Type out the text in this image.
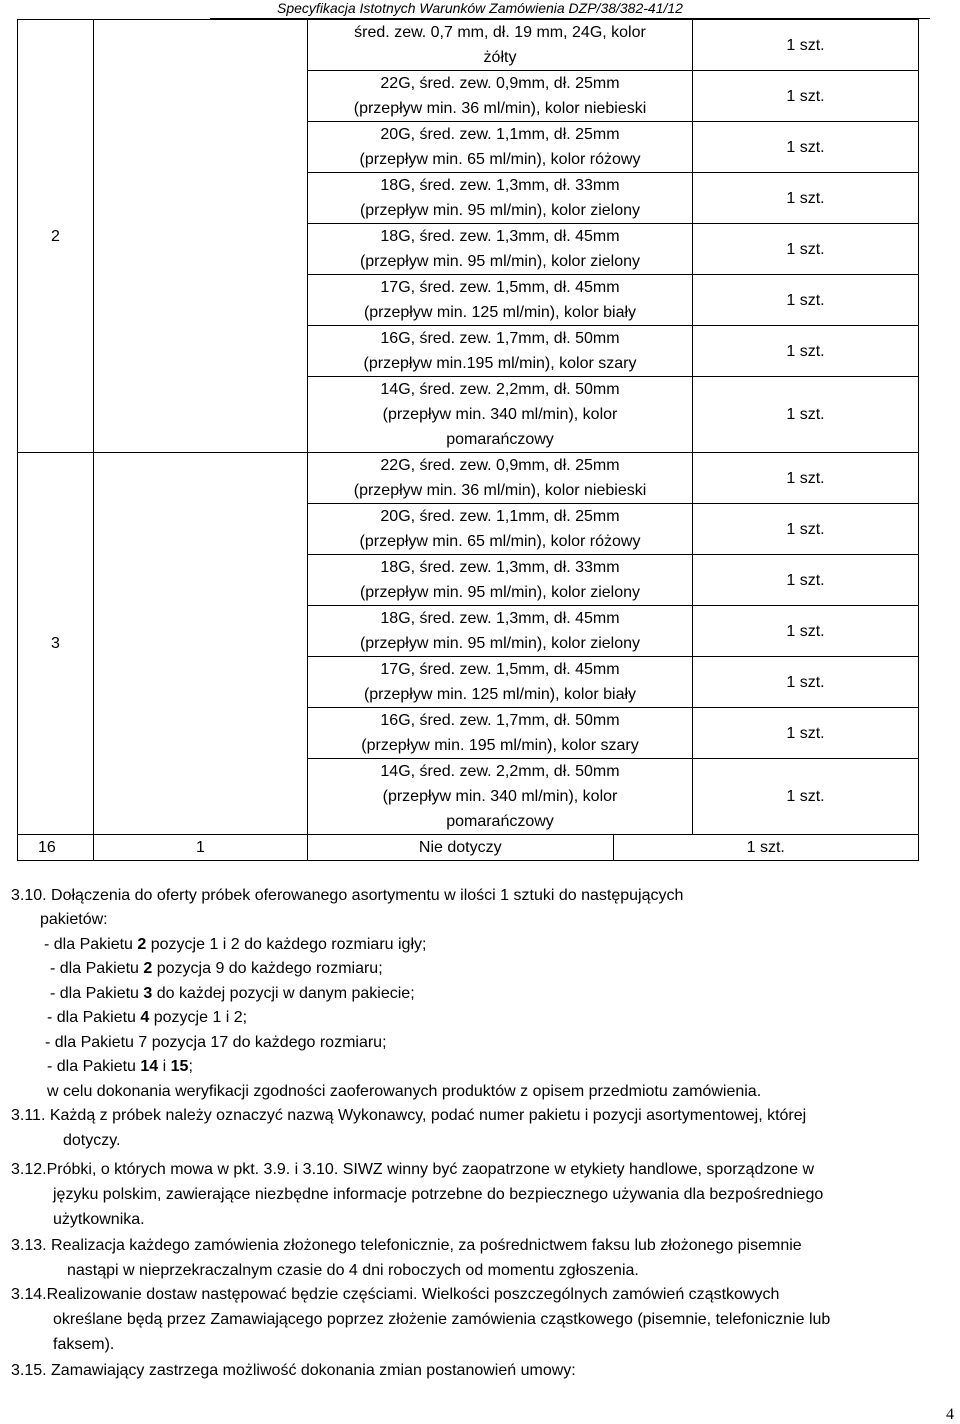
Specyfikacja Istotnych Warunków Zamówienia DZP/38/382-41/12
2		
śred. zew. 0,7 mm, dł. 19 mm, 24G, kolor
żółty
	1 szt.

22G, śred. zew. 0,9mm, dł. 25mm
(przepływ min. 36 ml/min), kolor niebieski
	1 szt.

20G, śred. zew. 1,1mm, dł. 25mm
(przepływ min. 65 ml/min), kolor różowy
	1 szt.

18G, śred. zew. 1,3mm, dł. 33mm
(przepływ min. 95 ml/min), kolor zielony
	1 szt.

18G, śred. zew. 1,3mm, dł. 45mm
(przepływ min. 95 ml/min), kolor zielony
	1 szt.

17G, śred. zew. 1,5mm, dł. 45mm
(przepływ min. 125 ml/min), kolor biały
	1 szt.

16G, śred. zew. 1,7mm, dł. 50mm
(przepływ min.195 ml/min), kolor szary
	1 szt.

14G, śred. zew. 2,2mm, dł. 50mm
(przepływ min. 340 ml/min), kolor
pomarańczowy
	1 szt.

3		
22G, śred. zew. 0,9mm, dł. 25mm
(przepływ min. 36 ml/min), kolor niebieski
	1 szt.

20G, śred. zew. 1,1mm, dł. 25mm
(przepływ min. 65 ml/min), kolor różowy
	1 szt.

18G, śred. zew. 1,3mm, dł. 33mm
(przepływ min. 95 ml/min), kolor zielony
	1 szt.

18G, śred. zew. 1,3mm, dł. 45mm
(przepływ min. 95 ml/min), kolor zielony
	1 szt.

17G, śred. zew. 1,5mm, dł. 45mm
(przepływ min. 125 ml/min), kolor biały
	1 szt.

16G, śred. zew. 1,7mm, dł. 50mm
(przepływ min. 195 ml/min), kolor szary
	1 szt.

14G, śred. zew. 2,2mm, dł. 50mm
(przepływ min. 340 ml/min), kolor
pomarańczowy
	1 szt.

16	1	Nie dotyczy	1 szt.
3.10. Dołączenia do oferty próbek oferowanego asortymentu w ilości 1 sztuki do następujących
pakietów:
- dla Pakietu 2 pozycje 1 i 2 do każdego rozmiaru igły;
- dla Pakietu 2 pozycja 9 do każdego rozmiaru;
- dla Pakietu 3 do każdej pozycji w danym pakiecie;
- dla Pakietu 4 pozycje 1 i 2;
- dla Pakietu 7 pozycja 17 do każdego rozmiaru;
- dla Pakietu 14 i 15;
w celu dokonania weryfikacji zgodności zaoferowanych produktów z opisem przedmiotu zamówienia.
3.11. Każdą z próbek należy oznaczyć nazwą Wykonawcy, podać numer pakietu i pozycji asortymentowej, której
dotyczy.
3.12.Próbki, o których mowa w pkt. 3.9. i 3.10. SIWZ winny być zaopatrzone w etykiety handlowe, sporządzone w
języku polskim, zawierające niezbędne informacje potrzebne do bezpiecznego używania dla bezpośredniego
użytkownika.
3.13. Realizacja każdego zamówienia złożonego telefonicznie, za pośrednictwem faksu lub złożonego pisemnie
nastąpi w nieprzekraczalnym czasie do 4 dni roboczych od momentu zgłoszenia.
3.14.Realizowanie dostaw następować będzie częściami. Wielkości poszczególnych zamówień cząstkowych
określane będą przez Zamawiającego poprzez złożenie zamówienia cząstkowego (pisemnie, telefonicznie lub
faksem).
3.15. Zamawiający zastrzega możliwość dokonania zmian postanowień umowy:
4
